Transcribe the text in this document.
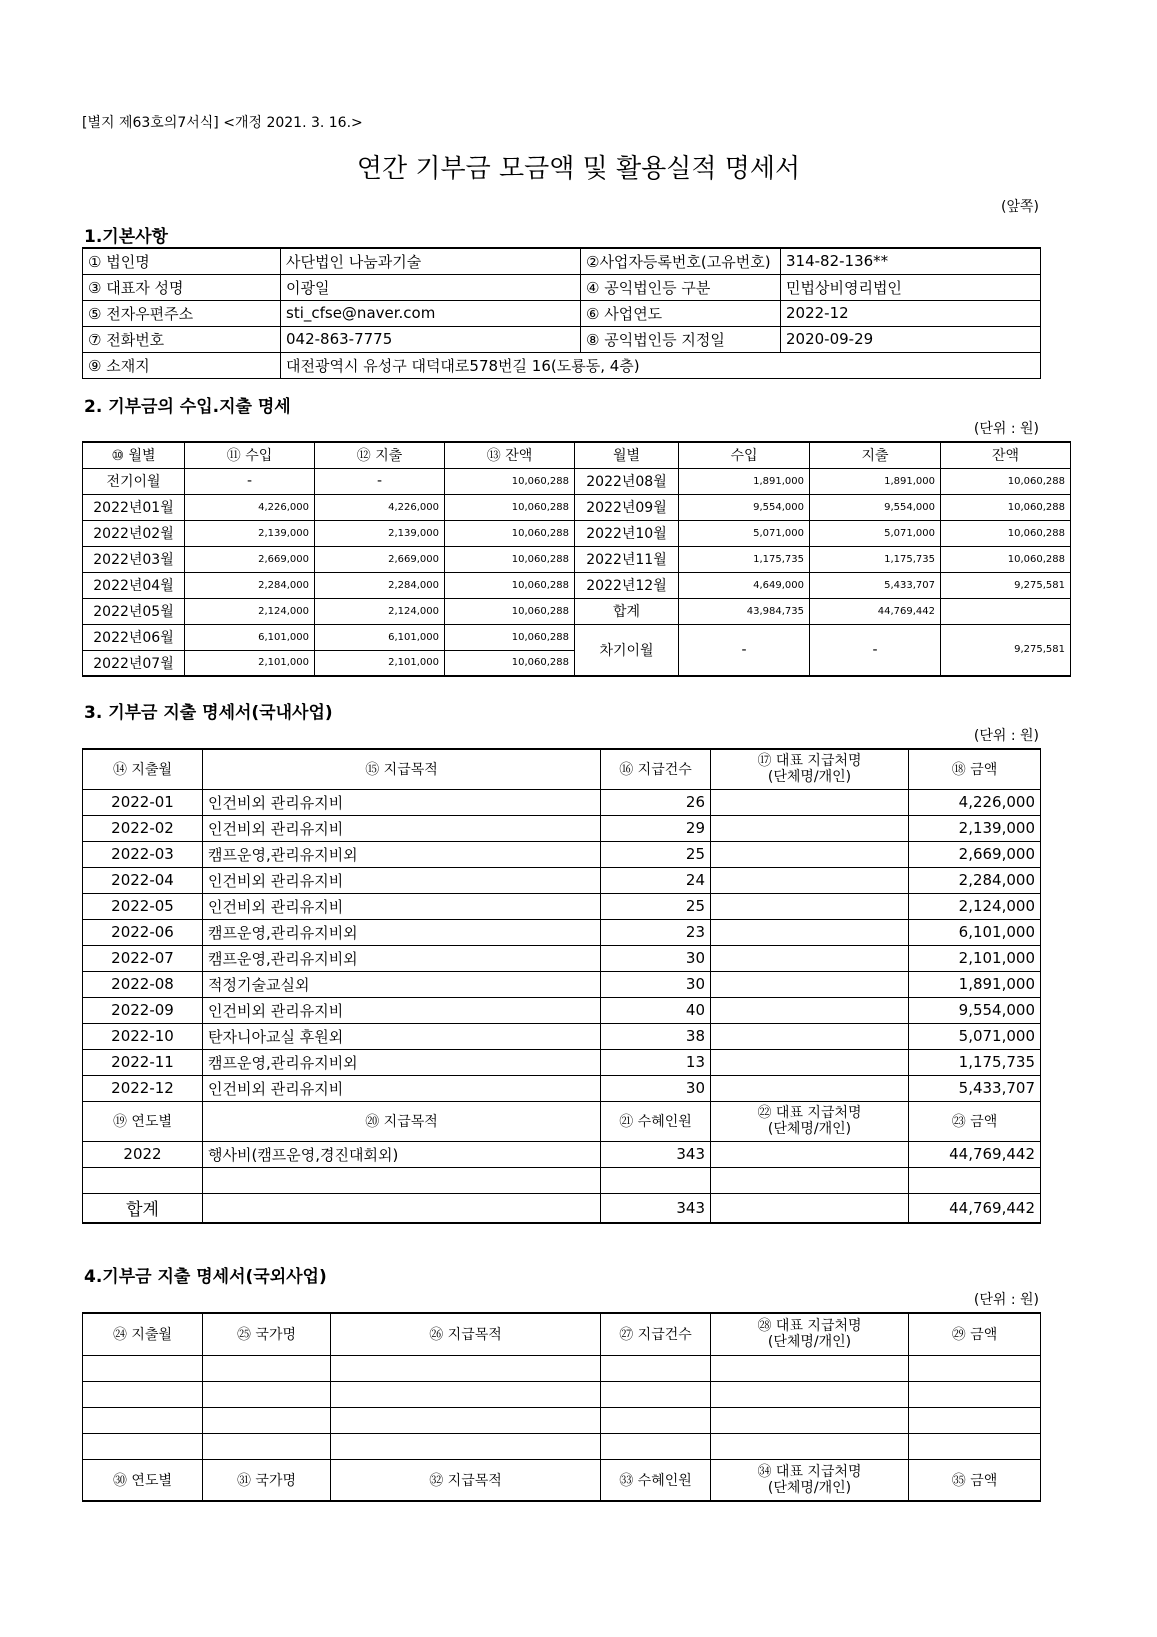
[별지 제63호의7서식] <개정 2021. 3. 16.>
연간 기부금 모금액 및 활용실적 명세서
(앞쪽)
1.기본사항
① 법인명	사단법인 나눔과기술	②사업자등록번호(고유번호)	314-82-136**
③ 대표자 성명	이광일	④ 공익법인등 구분	민법상비영리법인
⑤ 전자우편주소	sti_cfse@naver.com	⑥ 사업연도	2022-12
⑦ 전화번호	042-863-7775	⑧ 공익법인등 지정일	2020-09-29
⑨ 소재지	대전광역시 유성구 대덕대로578번길 16(도룡동, 4층)		
2. 기부금의 수입.지출 명세
(단위 : 원)
⑩ 월별	⑪ 수입	⑫ 지출	⑬ 잔액	월별	수입	지출	잔액
전기이월	-	-	10,060,288	2022년08월	1,891,000	1,891,000	10,060,288
2022년01월	4,226,000	4,226,000	10,060,288	2022년09월	9,554,000	9,554,000	10,060,288
2022년02월	2,139,000	2,139,000	10,060,288	2022년10월	5,071,000	5,071,000	10,060,288
2022년03월	2,669,000	2,669,000	10,060,288	2022년11월	1,175,735	1,175,735	10,060,288
2022년04월	2,284,000	2,284,000	10,060,288	2022년12월	4,649,000	5,433,707	9,275,581
2022년05월	2,124,000	2,124,000	10,060,288	합계	43,984,735	44,769,442	
2022년06월	6,101,000	6,101,000	10,060,288	차기이월	-	-	9,275,581
2022년07월	2,101,000	2,101,000	10,060,288				
3. 기부금 지출 명세서(국내사업)
(단위 : 원)
⑭ 지출월	⑮ 지급목적	⑯ 지급건수	⑰ 대표 지급처명
(단체명/개인)	⑱ 금액
2022-01	인건비외 관리유지비	26		4,226,000
2022-02	인건비외 관리유지비	29		2,139,000
2022-03	캠프운영,관리유지비외	25		2,669,000
2022-04	인건비외 관리유지비	24		2,284,000
2022-05	인건비외 관리유지비	25		2,124,000
2022-06	캠프운영,관리유지비외	23		6,101,000
2022-07	캠프운영,관리유지비외	30		2,101,000
2022-08	적정기술교실외	30		1,891,000
2022-09	인건비외 관리유지비	40		9,554,000
2022-10	탄자니아교실 후원외	38		5,071,000
2022-11	캠프운영,관리유지비외	13		1,175,735
2022-12	인건비외 관리유지비	30		5,433,707
⑲ 연도별	⑳ 지급목적	㉑ 수혜인원	㉒ 대표 지급처명
(단체명/개인)	㉓ 금액
2022	행사비(캠프운영,경진대회외)	343		44,769,442

합계		343		44,769,442
4.기부금 지출 명세서(국외사업)
(단위 : 원)
㉔ 지출월	㉕ 국가명	㉖ 지급목적	㉗ 지급건수	㉘ 대표 지급처명
(단체명/개인)	㉙ 금액

㉚ 연도별	㉛ 국가명	㉜ 지급목적	㉝ 수혜인원	㉞ 대표 지급처명
(단체명/개인)	㉟ 금액
